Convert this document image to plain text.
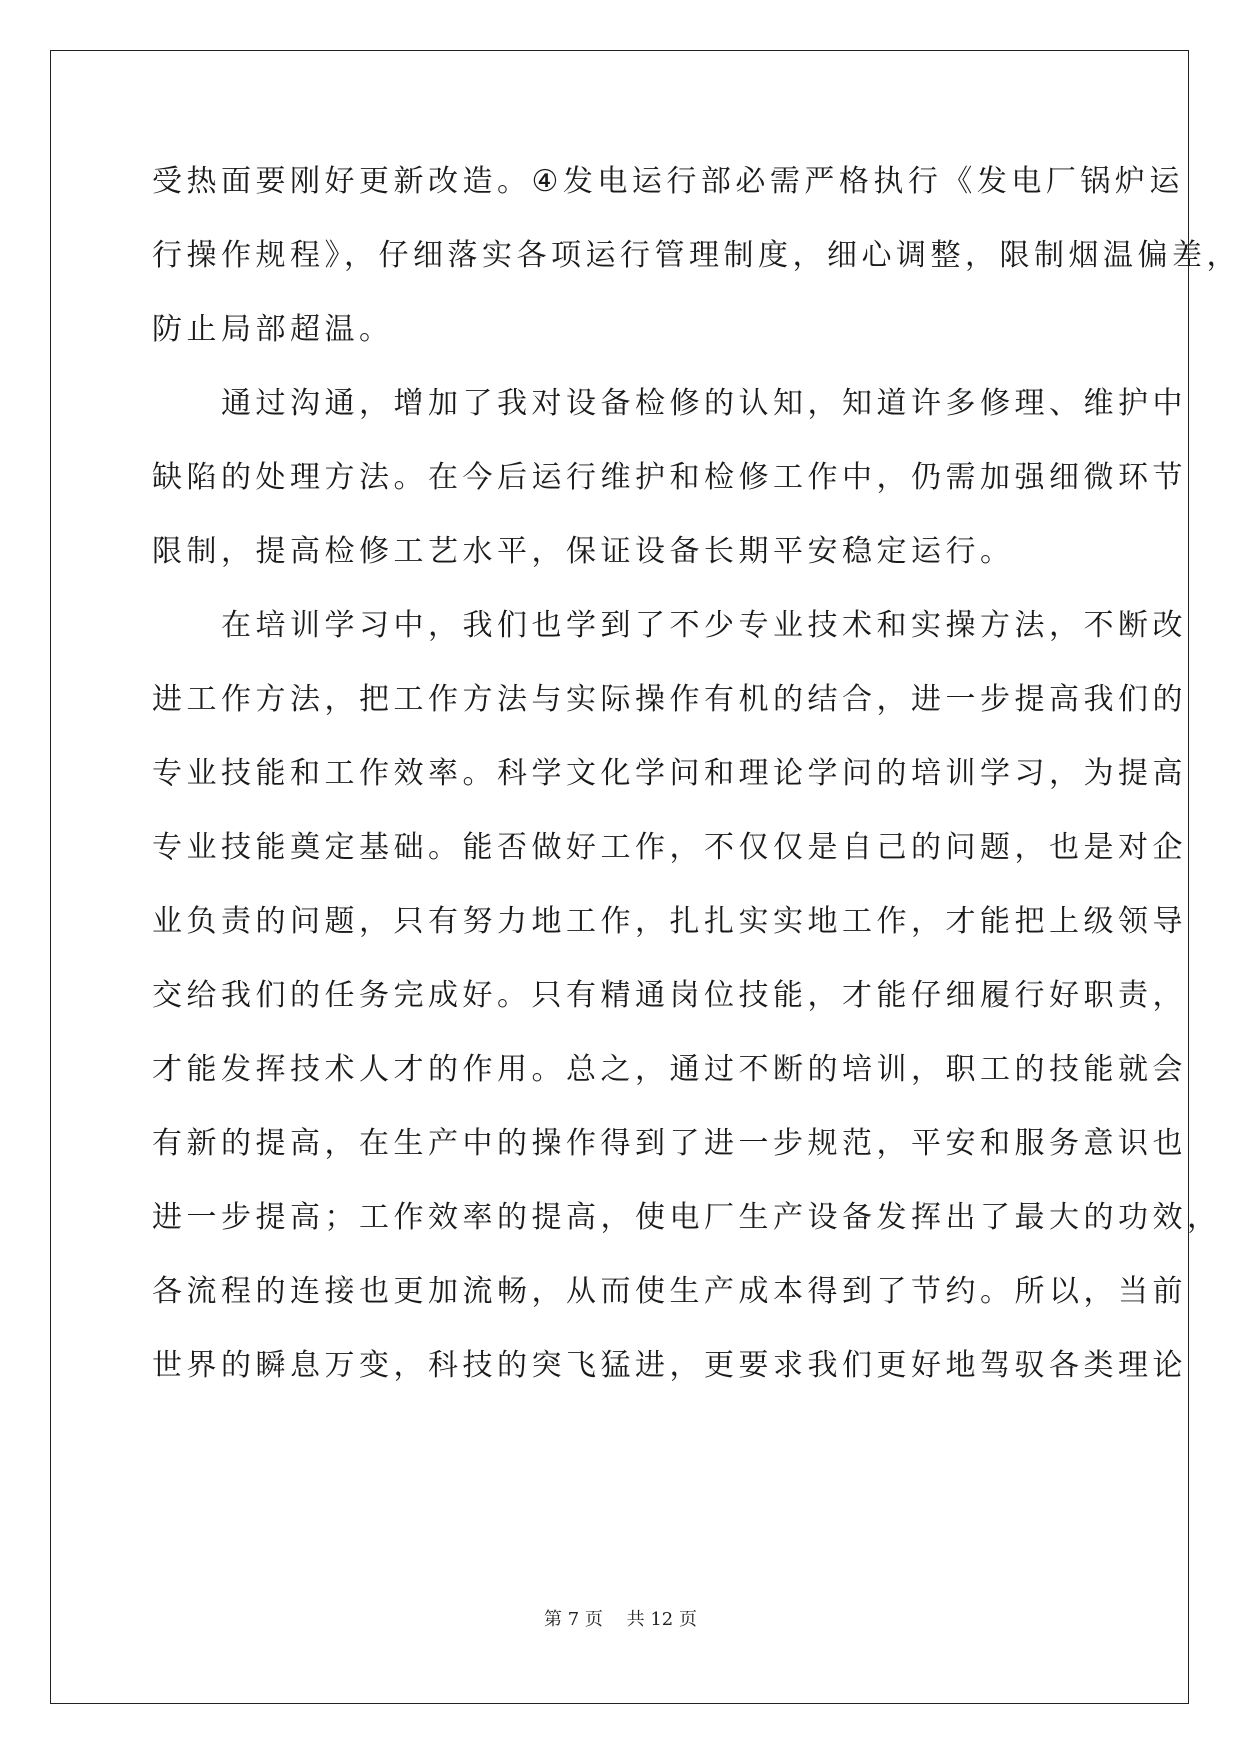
受热面要刚好更新改造。④发电运行部必需严格执行《发电厂锅炉运
行操作规程》，仔细落实各项运行管理制度，细心调整，限制烟温偏差，
防止局部超温。
　　通过沟通，增加了我对设备检修的认知，知道许多修理、维护中
缺陷的处理方法。在今后运行维护和检修工作中，仍需加强细微环节
限制，提高检修工艺水平，保证设备长期平安稳定运行。
　　在培训学习中，我们也学到了不少专业技术和实操方法，不断改
进工作方法，把工作方法与实际操作有机的结合，进一步提高我们的
专业技能和工作效率。科学文化学问和理论学问的培训学习，为提高
专业技能奠定基础。能否做好工作，不仅仅是自己的问题，也是对企
业负责的问题，只有努力地工作，扎扎实实地工作，才能把上级领导
交给我们的任务完成好。只有精通岗位技能，才能仔细履行好职责，
才能发挥技术人才的作用。总之，通过不断的培训，职工的技能就会
有新的提高，在生产中的操作得到了进一步规范，平安和服务意识也
进一步提高；工作效率的提高，使电厂生产设备发挥出了最大的功效，
各流程的连接也更加流畅，从而使生产成本得到了节约。所以，当前
世界的瞬息万变，科技的突飞猛进，更要求我们更好地驾驭各类理论
第 7 页　 共 12 页
